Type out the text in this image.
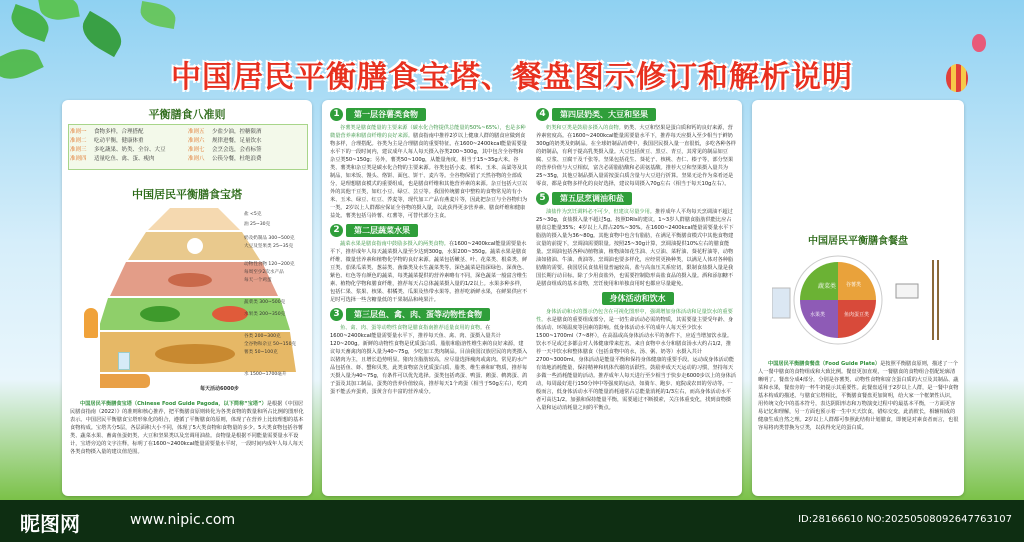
中国居民平衡膳食宝塔、餐盘图示修订和解析说明
平衡膳食八准则
准则一	食物多样，合理搭配	准则五	少盐少油，控糖限酒
准则二	吃动平衡，健康体重	准则六	规律进餐，足量饮水
准则三	多吃蔬果、奶类、全谷、大豆	准则七	会烹会选，会看标签
准则四	适量吃鱼、禽、蛋、瘦肉	准则八	公筷分餐，杜绝浪费
中国居民平衡膳食宝塔
盐 <5克
油 25~30克
奶及奶制品 300~500克
大豆及坚果类 25~35克
动物性食物 120~200克
每周至少2次水产品
每天一个鸡蛋
蔬菜类 300~500克
水果类 200~350克
谷类 200~300克
全谷物和杂豆 50~150克
薯类 50~100克
水 1500~1700毫升
每天活动6000步

中国居民平衡膳食宝塔（Chinese Food Guide Pagoda，以下简称“宝塔”）是根据《中国居民膳食指南（2022）》的准则和核心推荐，把平衡膳食原则转化为各类食物的数量和所占比例的图形化表示。中国居民平衡膳食宝塔形象化的组合，遵循了平衡膳食的原则，体现了在营养上比较理想的基本食物构成。宝塔共分5层，各层面积大小不同，体现了5大类食物和食物量的多少。5大类食物包括谷薯类、蔬菜水果、畜禽鱼蛋奶类、大豆和坚果类以及烹调用油盐。食物量是根据不同能量需要量水平设计，宝塔旁边的文字注释，标明了在1600~2400kcal能量需要量水平时，一段时间内成年人每人每天各类食物摄入量的建议值范围。

1	第一层谷薯类食物

谷薯类是膳食能量的主要来源（碳水化合物提供总能量的50%~65%），也是多种微量营养素和膳食纤维的良好来源。膳食指南中推荐2岁以上健康人群的膳食应做到食物多样，合理搭配。谷类为主是合理膳食的重要特征。在1600~2400kcal能量需要量水平下的一段时间内，建议成年人每人每天摄入谷类200~300g，其中包含全谷物和杂豆类50~150g；另外，薯类50~100g，从能量角度，相当于15~35g大米。谷类、薯类和杂豆类是碳水化合物的主要来源。谷类包括小麦、稻米、玉米、高粱等及其制品，如米饭、馒头、烙饼、面包、饼干、麦片等。全谷物保留了天然谷物的全部成分，是理想膳食模式的重要组成，也是膳食纤维和其他营养素的来源。杂豆包括大豆以外的其他干豆类，如红小豆、绿豆、芸豆等。我国传统膳食中整粒的食物常见的有小米、玉米、绿豆、红豆、荞麦等，现代加工产品有燕麦片等，因此把杂豆与全谷物归为一类。2岁以上人群都应保证全谷物的摄入量，以此获得更多营养素、膳食纤维和健康益处。薯类包括马铃薯、红薯等，可替代部分主食。

2	第二层蔬菜水果

蔬菜水果是膳食指南中鼓励多摄入的两类食物。在1600~2400kcal能量需要量水平下，推荐成年人每天蔬菜摄入量至少达到300g，水果200~350g。蔬菜水果是膳食纤维、微量营养素和植物化学物的良好来源。蔬菜包括嫩茎、叶、花菜类、根菜类、鲜豆类、茄果瓜菜类、葱蒜类、菌藻类及水生蔬菜类等。深色蔬菜是指深绿色、深黄色、紫色、红色等有颜色的蔬菜，每类蔬菜提供的营养素略有不同，深色蔬菜一般富含维生素、植物化学物和膳食纤维，推荐每天占总体蔬菜摄入量的1/2以上。水果多种多样，包括仁果、浆果、核果、柑橘类、瓜果及热带水果等。推荐吃新鲜水果，在鲜果供应不足时可选择一些含糖量低的干果制品和纯果汁。

3	第三层鱼、禽、肉、蛋等动物性食物

鱼、禽、肉、蛋等动物性食物是膳食指南推荐适量食用的食物。在1600~2400kcal能量需要量水平下，推荐每天鱼、禽、肉、蛋摄入量共计120~200g。新鲜的动物性食物是优质蛋白质、脂肪和脂溶性维生素的良好来源，建议每天畜禽肉的摄入量为40~75g，少吃加工类肉制品。目前我国汉族居民的肉类摄入以猪肉为主，且增长趋势明显。猪肉含脂肪较高，应尽量选择瘦肉或禽肉。常见的水产品包括鱼、虾、蟹和贝类，此类食物富含优质蛋白质、脂类、维生素和矿物质，推荐每天摄入量为40~75g，有条件可以优先选择。蛋类包括鸡蛋、鸭蛋、鹅蛋、鹌鹑蛋、鸽子蛋及其加工制品，蛋类的营养价值较高，推荐每天1个鸡蛋（相当于50g左右），吃鸡蛋不能丢弃蛋黄，蛋黄含有丰富的营养成分。

4	第四层奶类、大豆和坚果

奶类和豆类是鼓励多摄入的食物。奶类、大豆和坚果是蛋白质和钙的良好来源，营养素密度高。在1600~2400kcal能量需要量水平下，推荐每天应摄入至少相当于鲜奶300g的奶类及奶制品。在全球奶制品消费中，我国居民摄入量一直很低，多吃各种各样的奶制品，有利于提高乳类摄入量。大豆包括黄豆、黑豆、青豆，其常见的制品如豆腐、豆浆、豆腐干及千张等。坚果包括花生、葵花子、核桃、杏仁、榛子等，部分坚果的营养价值与大豆相似，富含必需脂肪酸和必需氨基酸。推荐大豆和坚果摄入量共为25~35g，其他豆制品摄入量需按蛋白质含量与大豆进行折算。坚果无论作为菜肴还是零食，都是食物多样化的良好选择，建议每周摄入70g左右（相当于每天10g左右）。

5	第五层烹调油和盐

油盐作为烹饪调料必不可少，但建议尽量少用。推荐成年人平均每天烹调油不超过25~30g，食盐摄入量不超过5g。按照DRIs的建议，1~3岁人群膳食脂肪供能比应占膳食总能量35%；4岁以上人群占20%~30%。在1600~2400kcal能量需要量水平下脂肪的摄入量为36~80g。其他食物中也含有脂肪，在满足平衡膳食模式中其他食物建议量的前提下，烹调油需要限量。按照25~30g计算，烹调油提供10%左右的膳食能量。烹调油包括各种动植物油，植物油如花生油、大豆油、菜籽油、葵花籽油等，动物油如猪油、牛油、黄油等。烹调油也要多样化，应经常更换种类，以满足人体对各种脂肪酸的需要。我国居民食盐用量普遍较高，盐与高血压关系密切，限制食盐摄入量是我国长期行动目标。除了少用食盐外，也需要控制隐形高盐食品的摄入量。酒和添加糖不是膳食组成的基本食物，烹饪使用和单独食用时也都应尽量避免。

身体活动和饮水

身体活动和水的图示仍包含在可视化图形中，强调增加身体活动和足量饮水的重要性。水是膳食的重要组成部分，是一切生命活动必需的物质，其需要量主要受年龄、身体活动、环境温度等因素的影响。低身体活动水平的成年人每天至少饮水1500~1700ml（7~8杯），在高温或高身体活动水平的条件下，应适当增加饮水量。饮水不足或过多都会对人体健康带来危害。来自食物中水分和膳食汤水大约占1/2，推荐一天中饮水和整体膳食（包括食物中的水，汤、粥、奶等）水摄入共计2700~3000ml。身体活动是能量平衡和保持身体健康的重要手段。运动或身体活动能有效地消耗能量，保持精神和机体代谢的活跃性。鼓励养成天天运动的习惯，坚持每天多做一些消耗能量的活动。推荐成年人每天进行至少相当于快步走6000步以上的身体活动，每周最好进行150分钟中等强度的运动，如骑车、跑步、庭院或农田的劳动等。一般而言，低身体活动水平的能量消耗通常占总能量消耗的1/3左右，而高身体活动水平者可高达1/2。加强和保持能量平衡，需要通过不断摸索，关注体重变化，找到食物摄入量和运动消耗量之间的平衡点。

中国居民平衡膳食餐盘
蔬菜类 谷薯类
鱼肉蛋豆类
水果类

中国居民平衡膳食餐盘（Food Guide Plate）是按照平衡膳食原则，描述了一个人一餐中膳食的食物组成和大致比例。餐盘更加直观，一餐膳食的食物组合搭配轮廓清晰明了。餐盘分成4部分，分别是谷薯类、动物性食物和富含蛋白质的大豆及其制品、蔬菜和水果，餐盘旁的一杯牛奶提示其重要性。此餐盘适用于2岁以上人群，是一餐中食物基本构成的描述。与膳食宝塔相比，平衡膳食餐盘更加简明，给大家一个框架性认识，用传统文化中的基本符号，表达阴阳形态和万物演变过程中的最基本平衡，一方面更容易记忆和理解，另一方面也预示着一生中天天饮食，错综交变，此消彼长，相辅相成的健康生成自然之理。2岁以上人群都可参照此结构计划膳食，即便是对素食者而言，也很容易将肉类替换为豆类，以获得充足的蛋白质。

昵图网	www.nipic.com	ID:28166610 NO:20250508092647763107
